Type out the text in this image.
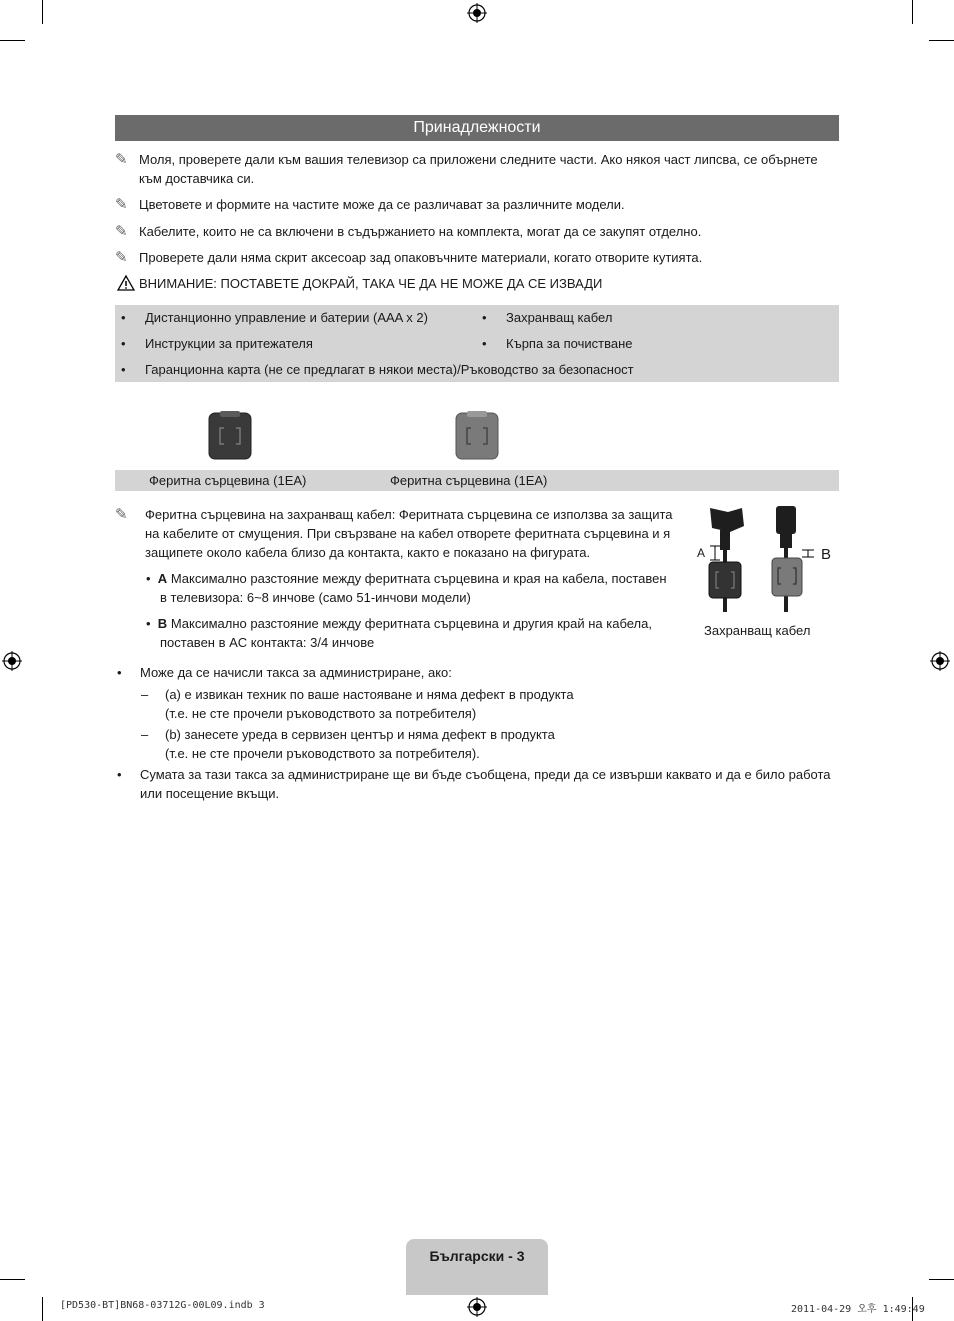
Принадлежности
✎ Моля, проверете дали към вашия телевизор са приложени следните части. Ако някоя част липсва, се обърнете
към доставчика си.
✎ Цветовете и формите на частите може да се различават за различните модели.
✎ Кабелите, които не са включени в съдържанието на комплекта, могат да се закупят отделно.
✎ Проверете дали няма скрит аксесоар зад опаковъчните материали, когато отворите кутията.
ВНИМАНИЕ: ПОСТАВЕТЕ ДОКРАЙ, ТАКА ЧЕ ДА НЕ МОЖЕ ДА СЕ ИЗВАДИ
• Дистанционно управление и батерии (AAA x 2)	• Захранващ кабел
• Инструкции за притежателя	• Кърпа за почистване
• Гаранционна карта (не се предлагат в някои места)/Ръководство за безопасност
Феритна сърцевина (1EA)	Феритна сърцевина (1EA)
✎ Феритна сърцевина на захранващ кабел: Феритната сърцевина се използва за защита
на кабелите от смущения. При свързване на кабел отворете феритната сърцевина и я
защипете около кабела близо да контакта, както е показано на фигурата.
• A Максимално разстояние между феритната сърцевина и края на кабела, поставен
в телевизора: 6~8 инчове (само 51-инчови модели)
• B Максимално разстояние между феритната сърцевина и другия край на кабела,
поставен в AC контакта: 3/4 инчове
A	B
Захранващ кабел
• Може да се начисли такса за администриране, ако:
– (a) е извикан техник по ваше настояване и няма дефект в продукта
(т.е. не сте прочели ръководството за потребителя)
– (b) занесете уреда в сервизен център и няма дефект в продукта
(т.е. не сте прочели ръководството за потребителя).
• Сумата за тази такса за администриране ще ви бъде съобщена, преди да се извърши каквато и да е било работа
или посещение вкъщи.
Български - 3
[PD530-BT]BN68-03712G-00L09.indb 3	2011-04-29 오후 1:49:49
